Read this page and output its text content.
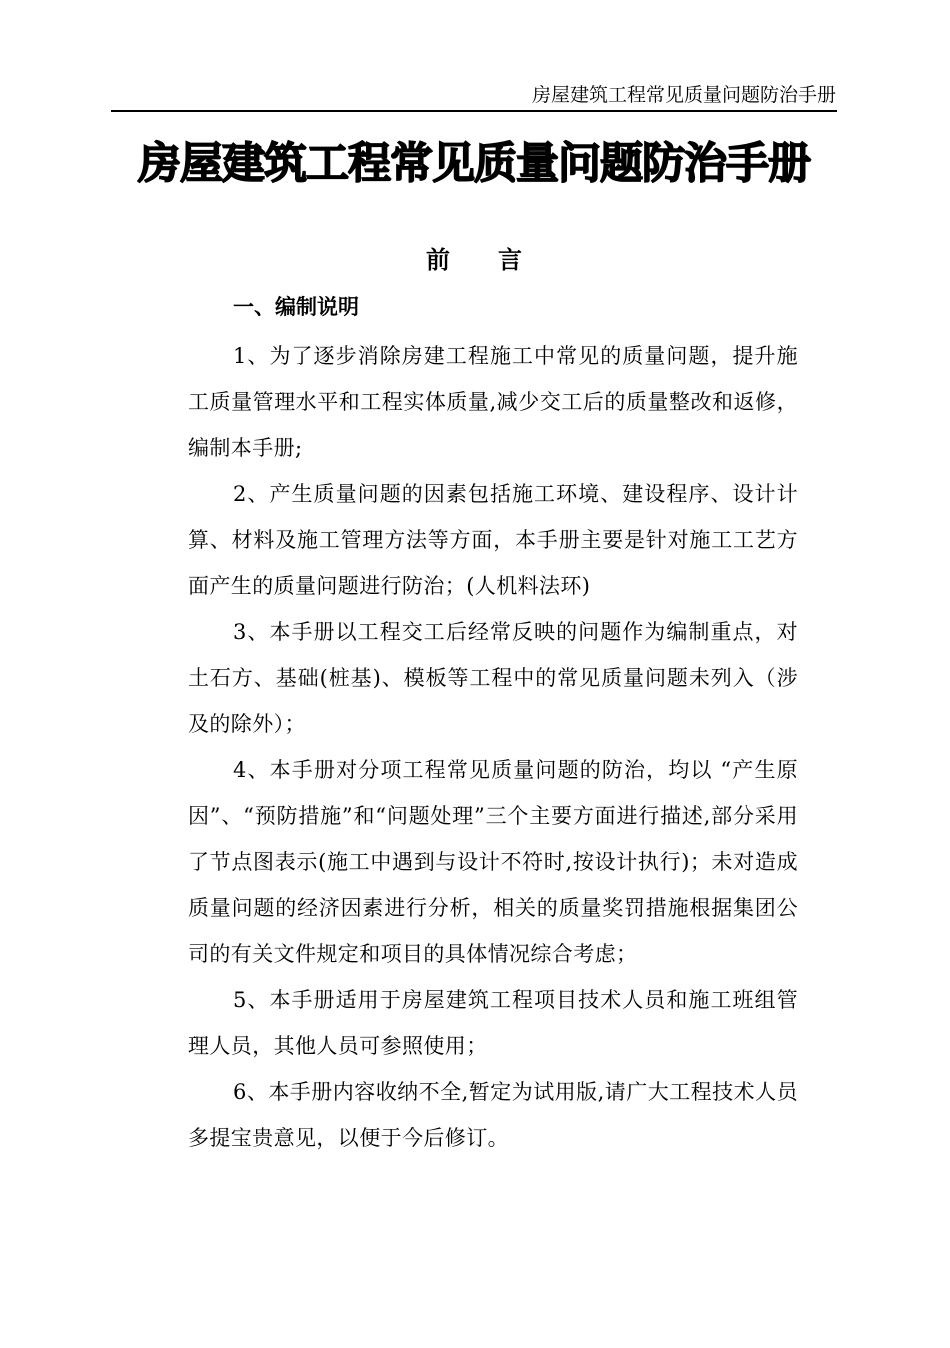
房屋建筑工程常见质量问题防治手册
房屋建筑工程常见质量问题防治手册
前言
一、编制说明

1、为了逐步消除房建工程施工中常见的质量问题，提升施工质量管理水平和工程实体质量,减少交工后的质量整改和返修，编制本手册;

2、产生质量问题的因素包括施工环境、建设程序、设计计算、材料及施工管理方法等方面，本手册主要是针对施工工艺方面产生的质量问题进行防治；(人机料法环)

3、本手册以工程交工后经常反映的问题作为编制重点，对土石方、基础(桩基)、模板等工程中的常见质量问题未列入（涉及的除外）；

4、本手册对分项工程常见质量问题的防治，均以 “产生原因”、“预防措施”和“问题处理”三个主要方面进行描述,部分采用了节点图表示(施工中遇到与设计不符时,按设计执行)；未对造成质量问题的经济因素进行分析，相关的质量奖罚措施根据集团公司的有关文件规定和项目的具体情况综合考虑；

5、本手册适用于房屋建筑工程项目技术人员和施工班组管理人员，其他人员可参照使用；

6、本手册内容收纳不全,暂定为试用版,请广大工程技术人员多提宝贵意见，以便于今后修订。
